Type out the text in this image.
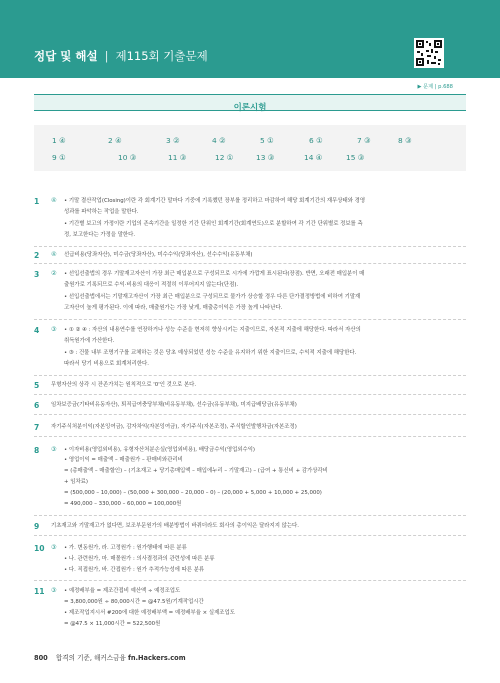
정답 및 해설 | 제115회 기출문제
▶ 문제 | p.688
이론시험
1 ④	2 ④	3 ②	4 ②	5 ①	6 ①	7 ③	8 ③
9 ①	10 ③	11 ③	12 ①	13 ③	14 ④	15 ③
1 ④ • 기말 결산작업(Closing)이란 각 회계기간 말마다 기중에 기록했던 장부를 정리하고 마감하여 해당 회계기간의 재무상태와 경영
성과를 파악하는 작업을 말한다.
• 기간별 보고의 가정이란 기업의 존속기간을 일정한 기간 단위인 회계기간(회계연도)으로 분할하여 각 기간 단위별로 정보를 측
정, 보고한다는 가정을 말한다.
2 ④ 선급비용(당좌자산), 미수금(당좌자산), 미수수익(당좌자산), 선수수익(유동부채)
3 ② • 선입선출법의 경우 기말재고자산이 가장 최근 매입분으로 구성되므로 시가에 가깝게 표시된다(장점). 반면, 오래전 매입분이 매
출원가로 기록되므로 수익·비용의 대응이 적절히 이루어지지 않는다(단점).
• 선입선출법에서는 기말재고자산이 가장 최근 매입분으로 구성되므로 물가가 상승할 경우 다른 단가결정방법에 비하여 기말재
고자산이 높게 평가된다. 이에 따라, 매출원가는 가장 낮게, 매출총이익은 가장 높게 나타난다.
4 ③ • ① ② ④ : 자산의 내용연수를 연장하거나 성능 수준을 현저히 향상시키는 지출이므로, 자본적 지출에 해당한다. 따라서 자산의
취득원가에 가산한다.
• ③ : 건물 내부 조명기구를 교체하는 것은 당초 예상되었던 성능 수준을 유지하기 위한 지출이므로, 수익적 지출에 해당한다.
따라서 당기 비용으로 회계처리한다.
5 무형자산의 상각 시 잔존가치는 원칙적으로 '0'인 것으로 본다.
6 임차보증금(기타비유동자산), 퇴직급여충당부채(비유동부채), 선수금(유동부채), 미지급배당금(유동부채)
7 자기주식처분이익(자본잉여금), 감자차익(자본잉여금), 자기주식(자본조정), 주식할인발행차금(자본조정)
8 ③ • 이자비용(영업외비용), 유형자산처분손실(영업외비용), 배당금수익(영업외수익)
• 영업이익 = 매출액 – 매출원가 – 판매비와관리비
= (총매출액 – 매출할인) – (기초재고 + 당기총매입액 – 매입에누리 – 기말재고) – (급여 + 통신비 + 감가상각비
+ 임차료)
= (500,000 – 10,000) – (50,000 + 300,000 – 20,000 – 0) – (20,000 + 5,000 + 10,000 + 25,000)
= 490,000 – 330,000 – 60,000 = 100,000원
9 기초재고와 기말재고가 없다면, 보조부문원가의 배분방법이 바뀌더라도 회사의 총이익은 달라지지 않는다.
10 ③ • 가. 변동원가, 라. 고정원가 : 원가행태에 따른 분류
• 나. 관련원가, 마. 매몰원가 : 의사결정과의 관련성에 따른 분류
• 다. 직접원가, 바. 간접원가 : 원가 추적가능성에 따른 분류
11 ③ • 예정배부율 = 제조간접비 예산액 ÷ 예정조업도
= 3,800,000원 ÷ 80,000시간 = @47.5원/기계작업시간
• 제조작업지시서 #200에 대한 예정배부액 = 예정배부율 × 실제조업도
= @47.5 × 11,000시간 = 522,500원
800 합격의 기준, 해커스금융 fn.Hackers.com
